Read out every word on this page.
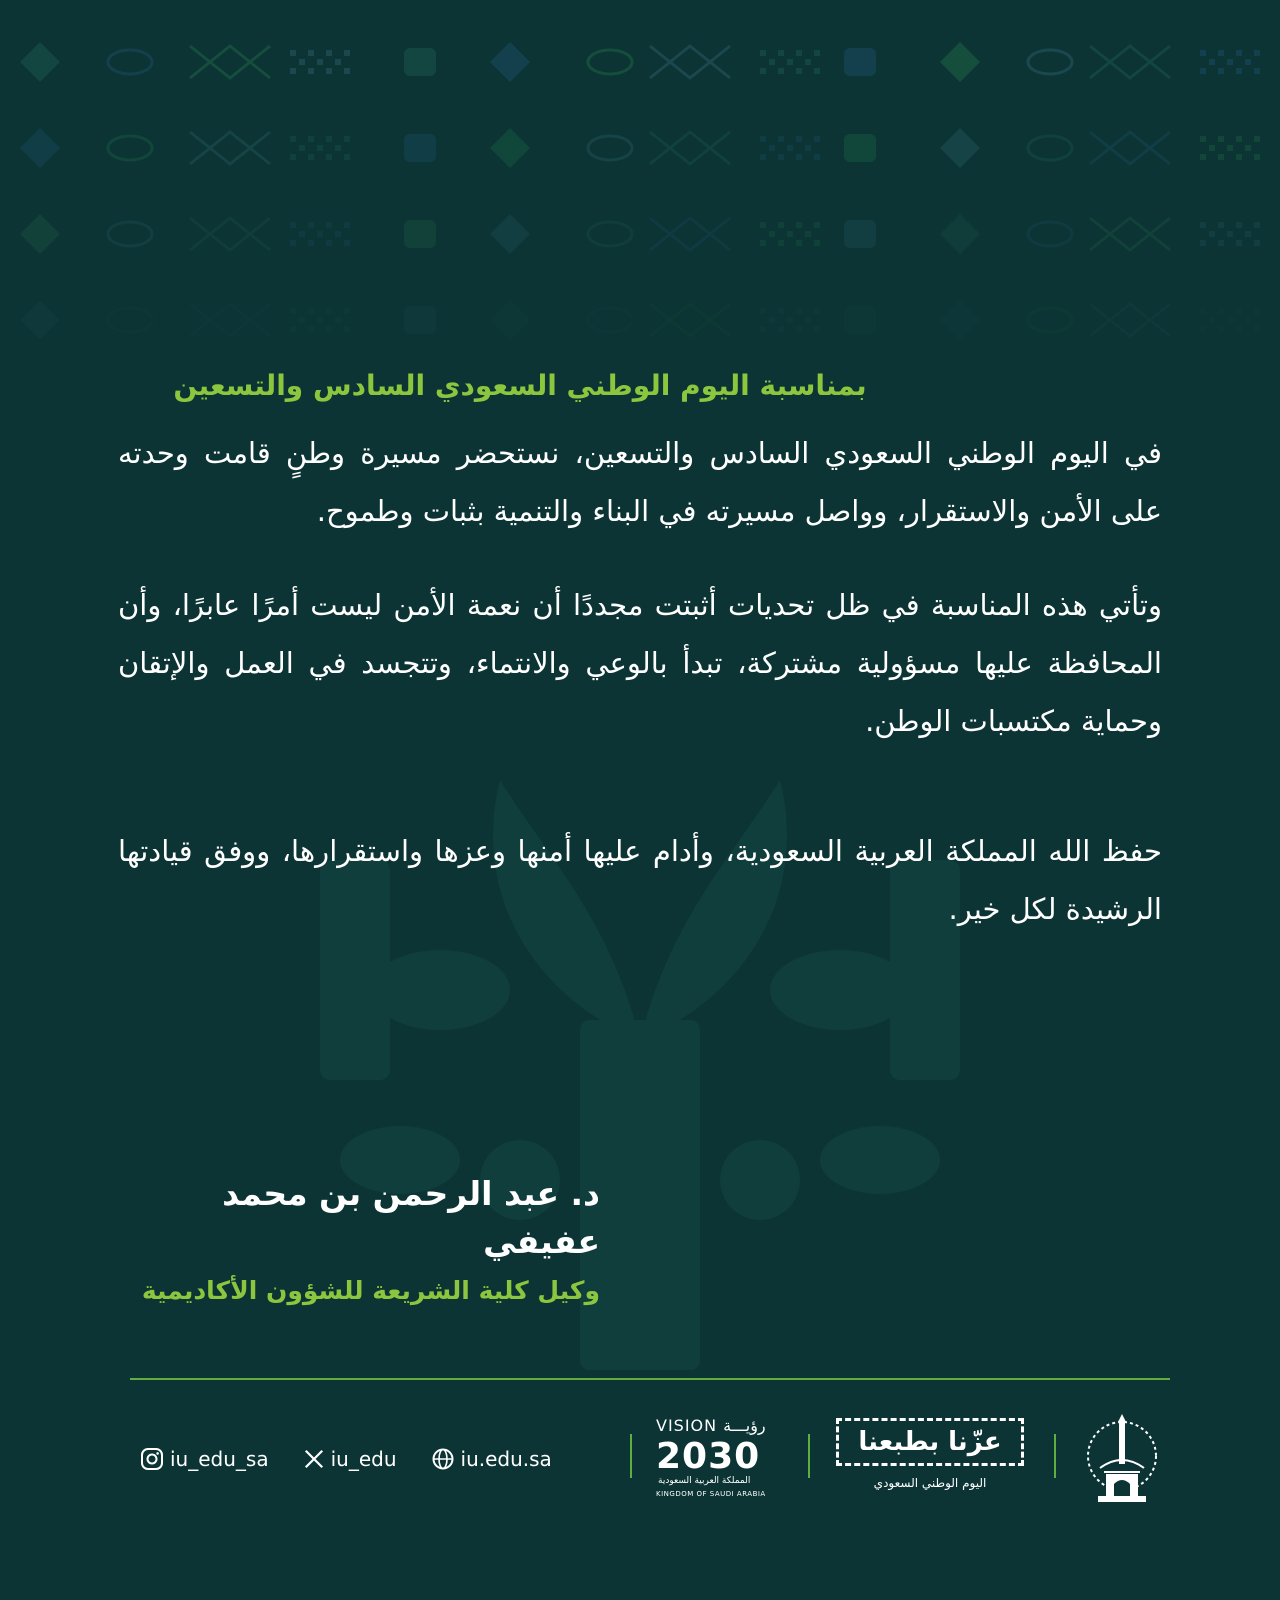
بمناسبة اليوم الوطني السعودي السادس والتسعين

في اليوم الوطني السعودي السادس والتسعين، نستحضر مسيرة وطنٍ قامت وحدته على الأمن والاستقرار، وواصل مسيرته في البناء والتنمية بثبات وطموح.

وتأتي هذه المناسبة في ظل تحديات أثبتت مجددًا أن نعمة الأمن ليست أمرًا عابرًا، وأن المحافظة عليها مسؤولية مشتركة، تبدأ بالوعي والانتماء، وتتجسد في العمل والإتقان وحماية مكتسبات الوطن.

حفظ الله المملكة العربية السعودية، وأدام عليها أمنها وعزها واستقرارها، ووفق قيادتها الرشيدة لكل خير.

د. عبد الرحمن بن محمد عفيفي

وكيل كلية الشريعة للشؤون الأكاديمية

iu_edu_sa	iu_edu	iu.edu.sa
VISION رؤيـــة
2030
المملكة العربية السعودية
KINGDOM OF SAUDI ARABIA
عزّنا بطبعنا
اليوم الوطني السعودي
